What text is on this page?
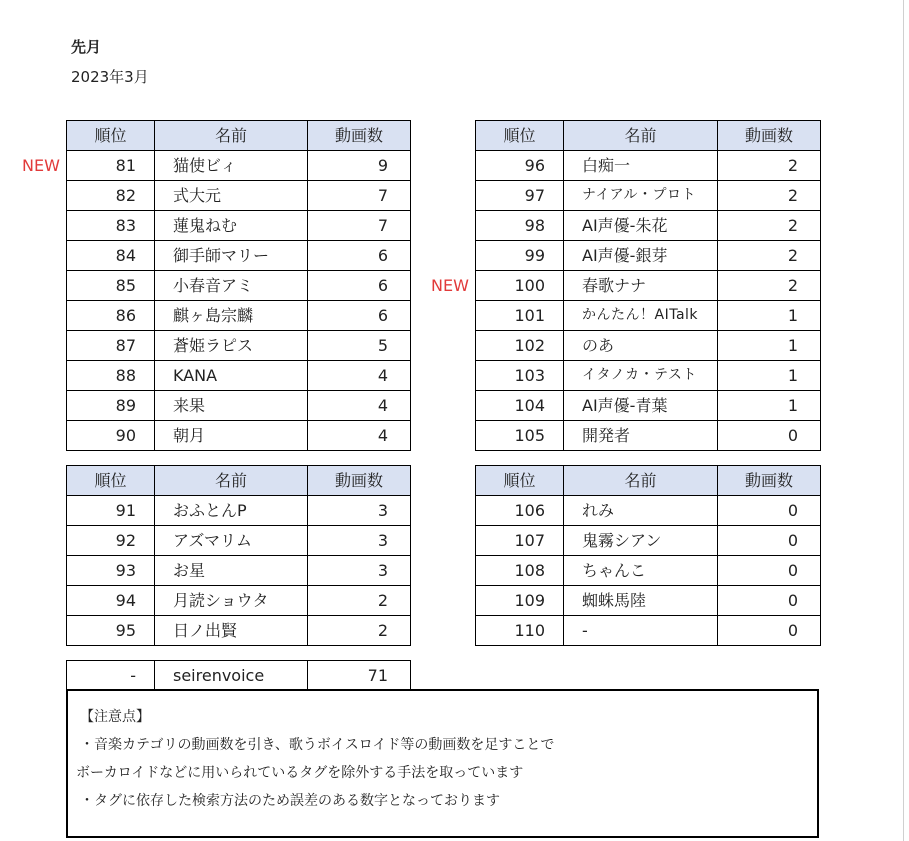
先月
2023年3月
NEW
NEW
順位	名前	動画数
81	猫使ビィ	9
82	式大元	7
83	蓮鬼ねむ	7
84	御手師マリー	6
85	小春音アミ	6
86	麒ヶ島宗麟	6
87	蒼姫ラピス	5
88	KANA	4
89	来果	4
90	朝月	4
順位	名前	動画数
96	白痴一	2
97	ナイアル・プロト	2
98	AI声優-朱花	2
99	AI声優-銀芽	2
100	春歌ナナ	2
101	かんたん！AITalk	1
102	のあ	1
103	イタノカ・テスト	1
104	AI声優-青葉	1
105	開発者	0
順位	名前	動画数
91	おふとんP	3
92	アズマリム	3
93	お星	3
94	月読ショウタ	2
95	日ノ出賢	2
順位	名前	動画数
106	れみ	0
107	鬼霧シアン	0
108	ちゃんこ	0
109	蜘蛛馬陸	0
110	-	0
-	seirenvoice	71
【注意点】
・音楽カテゴリの動画数を引き、歌うボイスロイド等の動画数を足すことで
ボーカロイドなどに用いられているタグを除外する手法を取っています
・タグに依存した検索方法のため誤差のある数字となっております
